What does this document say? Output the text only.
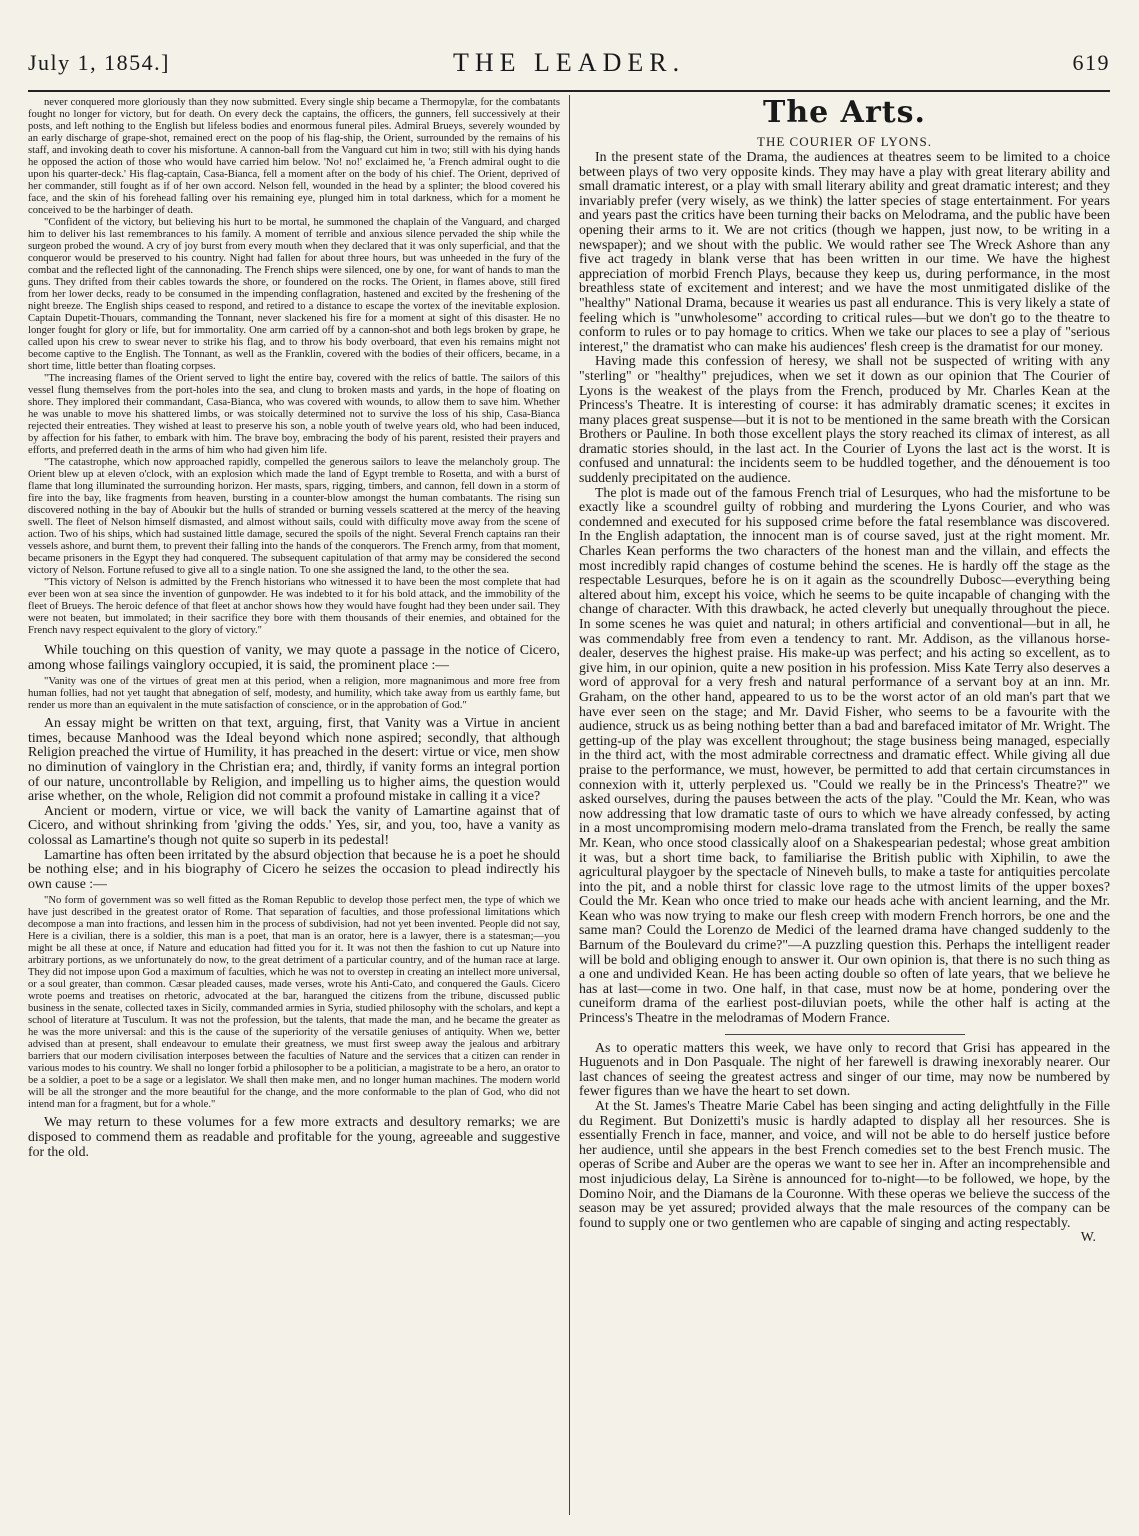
July 1, 1854.]	THE LEADER.	619

never conquered more gloriously than they now submitted. Every single ship became a Thermopylæ, for the combatants fought no longer for victory, but for death. On every deck the captains, the officers, the gunners, fell successively at their posts, and left nothing to the English but lifeless bodies and enormous funeral piles. Admiral Brueys, severely wounded by an early discharge of grape-shot, remained erect on the poop of his flag-ship, the Orient, surrounded by the remains of his staff, and invoking death to cover his misfortune. A cannon-ball from the Vanguard cut him in two; still with his dying hands he opposed the action of those who would have carried him below. 'No! no!' exclaimed he, 'a French admiral ought to die upon his quarter-deck.' His flag-captain, Casa-Bianca, fell a moment after on the body of his chief. The Orient, deprived of her commander, still fought as if of her own accord. Nelson fell, wounded in the head by a splinter; the blood covered his face, and the skin of his forehead falling over his remaining eye, plunged him in total darkness, which for a moment he conceived to be the harbinger of death.

"Confident of the victory, but believing his hurt to be mortal, he summoned the chaplain of the Vanguard, and charged him to deliver his last remembrances to his family. A moment of terrible and anxious silence pervaded the ship while the surgeon probed the wound. A cry of joy burst from every mouth when they declared that it was only superficial, and that the conqueror would be preserved to his country. Night had fallen for about three hours, but was unheeded in the fury of the combat and the reflected light of the cannonading. The French ships were silenced, one by one, for want of hands to man the guns. They drifted from their cables towards the shore, or foundered on the rocks. The Orient, in flames above, still fired from her lower decks, ready to be consumed in the impending conflagration, hastened and excited by the freshening of the night breeze. The English ships ceased to respond, and retired to a distance to escape the vortex of the inevitable explosion. Captain Dupetit-Thouars, commanding the Tonnant, never slackened his fire for a moment at sight of this disaster. He no longer fought for glory or life, but for immortality. One arm carried off by a cannon-shot and both legs broken by grape, he called upon his crew to swear never to strike his flag, and to throw his body overboard, that even his remains might not become captive to the English. The Tonnant, as well as the Franklin, covered with the bodies of their officers, became, in a short time, little better than floating corpses.

"The increasing flames of the Orient served to light the entire bay, covered with the relics of battle. The sailors of this vessel flung themselves from the port-holes into the sea, and clung to broken masts and yards, in the hope of floating on shore. They implored their commandant, Casa-Bianca, who was covered with wounds, to allow them to save him. Whether he was unable to move his shattered limbs, or was stoically determined not to survive the loss of his ship, Casa-Bianca rejected their entreaties. They wished at least to preserve his son, a noble youth of twelve years old, who had been induced, by affection for his father, to embark with him. The brave boy, embracing the body of his parent, resisted their prayers and efforts, and preferred death in the arms of him who had given him life.

"The catastrophe, which now approached rapidly, compelled the generous sailors to leave the melancholy group. The Orient blew up at eleven o'clock, with an explosion which made the land of Egypt tremble to Rosetta, and with a burst of flame that long illuminated the surrounding horizon. Her masts, spars, rigging, timbers, and cannon, fell down in a storm of fire into the bay, like fragments from heaven, bursting in a counter-blow amongst the human combatants. The rising sun discovered nothing in the bay of Aboukir but the hulls of stranded or burning vessels scattered at the mercy of the heaving swell. The fleet of Nelson himself dismasted, and almost without sails, could with difficulty move away from the scene of action. Two of his ships, which had sustained little damage, secured the spoils of the night. Several French captains ran their vessels ashore, and burnt them, to prevent their falling into the hands of the conquerors. The French army, from that moment, became prisoners in the Egypt they had conquered. The subsequent capitulation of that army may be considered the second victory of Nelson. Fortune refused to give all to a single nation. To one she assigned the land, to the other the sea.

"This victory of Nelson is admitted by the French historians who witnessed it to have been the most complete that had ever been won at sea since the invention of gunpowder. He was indebted to it for his bold attack, and the immobility of the fleet of Brueys. The heroic defence of that fleet at anchor shows how they would have fought had they been under sail. They were not beaten, but immolated; in their sacrifice they bore with them thousands of their enemies, and obtained for the French navy respect equivalent to the glory of victory."

While touching on this question of vanity, we may quote a passage in the notice of Cicero, among whose failings vainglory occupied, it is said, the prominent place :—

"Vanity was one of the virtues of great men at this period, when a religion, more magnanimous and more free from human follies, had not yet taught that abnegation of self, modesty, and humility, which take away from us earthly fame, but render us more than an equivalent in the mute satisfaction of conscience, or in the approbation of God."

An essay might be written on that text, arguing, first, that Vanity was a Virtue in ancient times, because Manhood was the Ideal beyond which none aspired; secondly, that although Religion preached the virtue of Humility, it has preached in the desert: virtue or vice, men show no diminution of vainglory in the Christian era; and, thirdly, if vanity forms an integral portion of our nature, uncontrollable by Religion, and impelling us to higher aims, the question would arise whether, on the whole, Religion did not commit a profound mistake in calling it a vice?

Ancient or modern, virtue or vice, we will back the vanity of Lamartine against that of Cicero, and without shrinking from 'giving the odds.' Yes, sir, and you, too, have a vanity as colossal as Lamartine's though not quite so superb in its pedestal!

Lamartine has often been irritated by the absurd objection that because he is a poet he should be nothing else; and in his biography of Cicero he seizes the occasion to plead indirectly his own cause :—

"No form of government was so well fitted as the Roman Republic to develop those perfect men, the type of which we have just described in the greatest orator of Rome. That separation of faculties, and those professional limitations which decompose a man into fractions, and lessen him in the process of subdivision, had not yet been invented. People did not say, Here is a civilian, there is a soldier, this man is a poet, that man is an orator, here is a lawyer, there is a statesman;—you might be all these at once, if Nature and education had fitted you for it. It was not then the fashion to cut up Nature into arbitrary portions, as we unfortunately do now, to the great detriment of a particular country, and of the human race at large. They did not impose upon God a maximum of faculties, which he was not to overstep in creating an intellect more universal, or a soul greater, than common. Cæsar pleaded causes, made verses, wrote his Anti-Cato, and conquered the Gauls. Cicero wrote poems and treatises on rhetoric, advocated at the bar, harangued the citizens from the tribune, discussed public business in the senate, collected taxes in Sicily, commanded armies in Syria, studied philosophy with the scholars, and kept a school of literature at Tusculum. It was not the profession, but the talents, that made the man, and he became the greater as he was the more universal: and this is the cause of the superiority of the versatile geniuses of antiquity. When we, better advised than at present, shall endeavour to emulate their greatness, we must first sweep away the jealous and arbitrary barriers that our modern civilisation interposes between the faculties of Nature and the services that a citizen can render in various modes to his country. We shall no longer forbid a philosopher to be a politician, a magistrate to be a hero, an orator to be a soldier, a poet to be a sage or a legislator. We shall then make men, and no longer human machines. The modern world will be all the stronger and the more beautiful for the change, and the more conformable to the plan of God, who did not intend man for a fragment, but for a whole."

We may return to these volumes for a few more extracts and desultory remarks; we are disposed to commend them as readable and profitable for the young, agreeable and suggestive for the old.

The Arts.
THE COURIER OF LYONS.

In the present state of the Drama, the audiences at theatres seem to be limited to a choice between plays of two very opposite kinds. They may have a play with great literary ability and small dramatic interest, or a play with small literary ability and great dramatic interest; and they invariably prefer (very wisely, as we think) the latter species of stage entertainment. For years and years past the critics have been turning their backs on Melodrama, and the public have been opening their arms to it. We are not critics (though we happen, just now, to be writing in a newspaper); and we shout with the public. We would rather see The Wreck Ashore than any five act tragedy in blank verse that has been written in our time. We have the highest appreciation of morbid French Plays, because they keep us, during performance, in the most breathless state of excitement and interest; and we have the most unmitigated dislike of the "healthy" National Drama, because it wearies us past all endurance. This is very likely a state of feeling which is "unwholesome" according to critical rules—but we don't go to the theatre to conform to rules or to pay homage to critics. When we take our places to see a play of "serious interest," the dramatist who can make his audiences' flesh creep is the dramatist for our money.

Having made this confession of heresy, we shall not be suspected of writing with any "sterling" or "healthy" prejudices, when we set it down as our opinion that The Courier of Lyons is the weakest of the plays from the French, produced by Mr. Charles Kean at the Princess's Theatre. It is interesting of course: it has admirably dramatic scenes; it excites in many places great suspense—but it is not to be mentioned in the same breath with the Corsican Brothers or Pauline. In both those excellent plays the story reached its climax of interest, as all dramatic stories should, in the last act. In the Courier of Lyons the last act is the worst. It is confused and unnatural: the incidents seem to be huddled together, and the dénouement is too suddenly precipitated on the audience.

The plot is made out of the famous French trial of Lesurques, who had the misfortune to be exactly like a scoundrel guilty of robbing and murdering the Lyons Courier, and who was condemned and executed for his supposed crime before the fatal resemblance was discovered. In the English adaptation, the innocent man is of course saved, just at the right moment. Mr. Charles Kean performs the two characters of the honest man and the villain, and effects the most incredibly rapid changes of costume behind the scenes. He is hardly off the stage as the respectable Lesurques, before he is on it again as the scoundrelly Dubosc—everything being altered about him, except his voice, which he seems to be quite incapable of changing with the change of character. With this drawback, he acted cleverly but unequally throughout the piece. In some scenes he was quiet and natural; in others artificial and conventional—but in all, he was commendably free from even a tendency to rant. Mr. Addison, as the villanous horse-dealer, deserves the highest praise. His make-up was perfect; and his acting so excellent, as to give him, in our opinion, quite a new position in his profession. Miss Kate Terry also deserves a word of approval for a very fresh and natural performance of a servant boy at an inn. Mr. Graham, on the other hand, appeared to us to be the worst actor of an old man's part that we have ever seen on the stage; and Mr. David Fisher, who seems to be a favourite with the audience, struck us as being nothing better than a bad and barefaced imitator of Mr. Wright. The getting-up of the play was excellent throughout; the stage business being managed, especially in the third act, with the most admirable correctness and dramatic effect. While giving all due praise to the performance, we must, however, be permitted to add that certain circumstances in connexion with it, utterly perplexed us. "Could we really be in the Princess's Theatre?" we asked ourselves, during the pauses between the acts of the play. "Could the Mr. Kean, who was now addressing that low dramatic taste of ours to which we have already confessed, by acting in a most uncompromising modern melo-drama translated from the French, be really the same Mr. Kean, who once stood classically aloof on a Shakespearian pedestal; whose great ambition it was, but a short time back, to familiarise the British public with Xiphilin, to awe the agricultural playgoer by the spectacle of Nineveh bulls, to make a taste for antiquities percolate into the pit, and a noble thirst for classic love rage to the utmost limits of the upper boxes? Could the Mr. Kean who once tried to make our heads ache with ancient learning, and the Mr. Kean who was now trying to make our flesh creep with modern French horrors, be one and the same man? Could the Lorenzo de Medici of the learned drama have changed suddenly to the Barnum of the Boulevard du crime?"—A puzzling question this. Perhaps the intelligent reader will be bold and obliging enough to answer it. Our own opinion is, that there is no such thing as a one and undivided Kean. He has been acting double so often of late years, that we believe he has at last—come in two. One half, in that case, must now be at home, pondering over the cuneiform drama of the earliest post-diluvian poets, while the other half is acting at the Princess's Theatre in the melodramas of Modern France.

As to operatic matters this week, we have only to record that Grisi has appeared in the Huguenots and in Don Pasquale. The night of her farewell is drawing inexorably nearer. Our last chances of seeing the greatest actress and singer of our time, may now be numbered by fewer figures than we have the heart to set down.

At the St. James's Theatre Marie Cabel has been singing and acting delightfully in the Fille du Regiment. But Donizetti's music is hardly adapted to display all her resources. She is essentially French in face, manner, and voice, and will not be able to do herself justice before her audience, until she appears in the best French comedies set to the best French music. The operas of Scribe and Auber are the operas we want to see her in. After an incomprehensible and most injudicious delay, La Sirène is announced for to-night—to be followed, we hope, by the Domino Noir, and the Diamans de la Couronne. With these operas we believe the success of the season may be yet assured; provided always that the male resources of the company can be found to supply one or two gentlemen who are capable of singing and acting respectably.

W.
